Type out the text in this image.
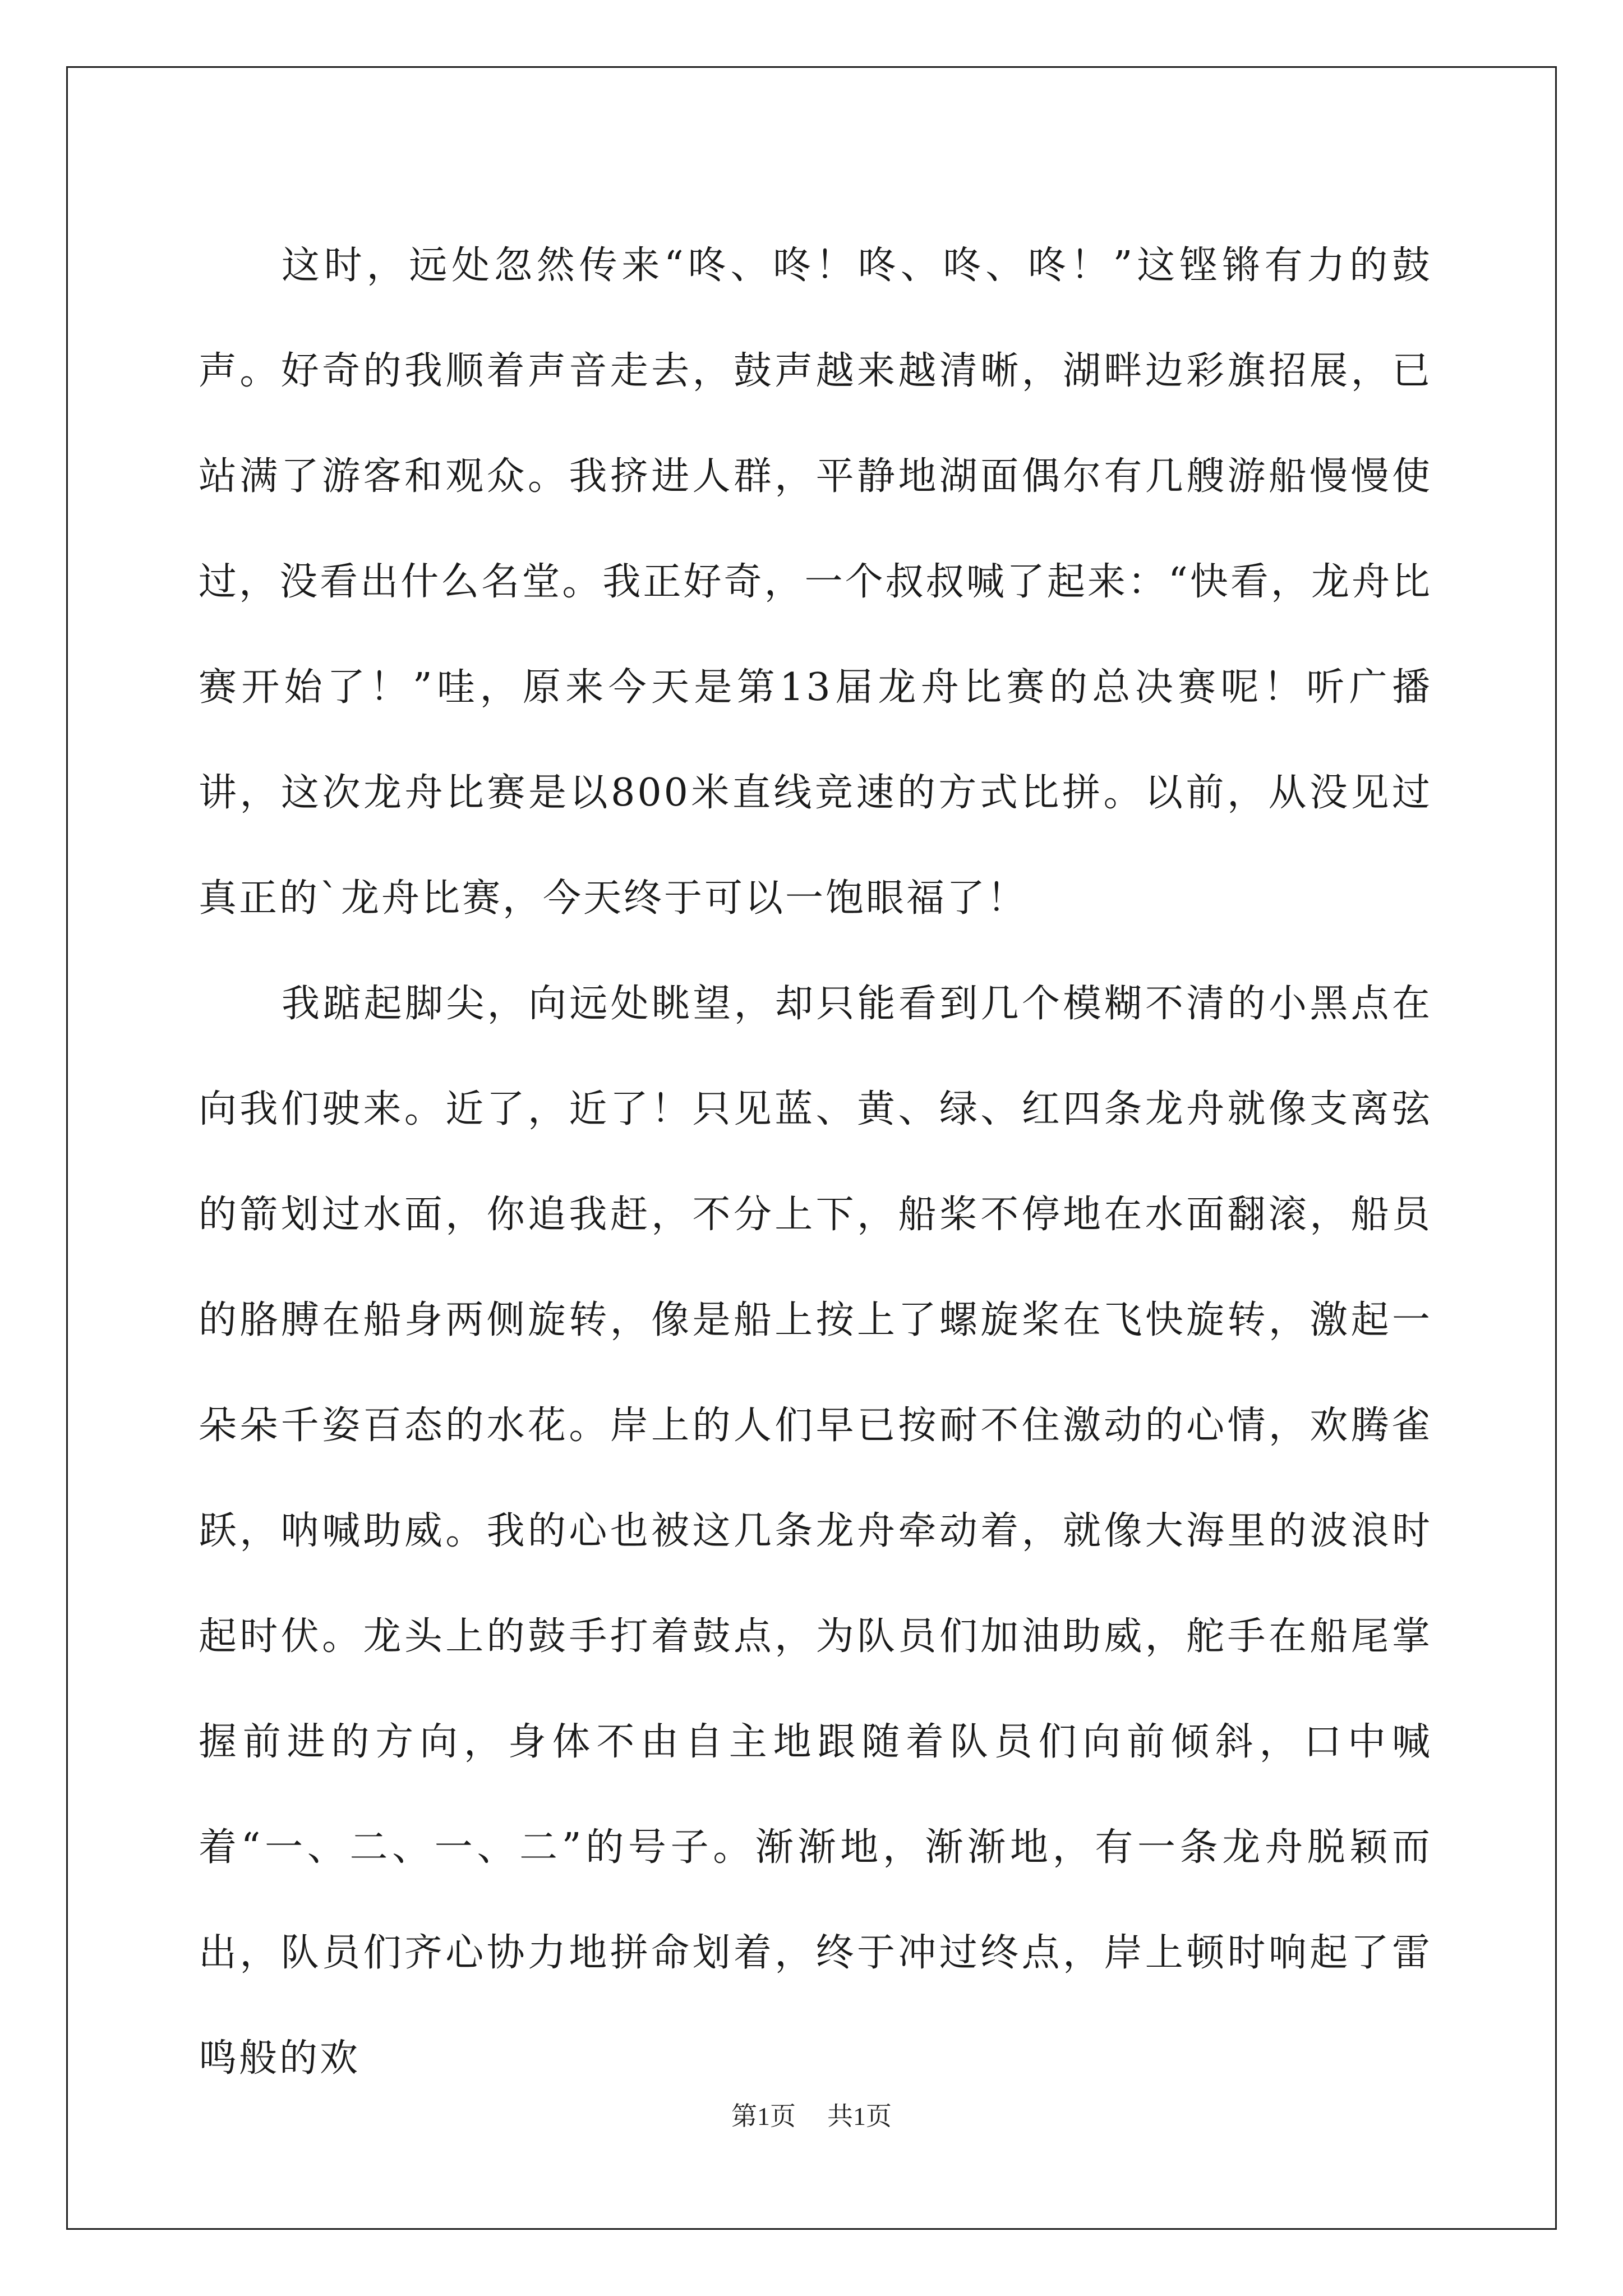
这时，远处忽然传来“咚、咚！咚、咚、咚！”这铿锵有力的鼓声。好奇的我顺着声音走去，鼓声越来越清晰，湖畔边彩旗招展，已站满了游客和观众。我挤进人群，平静地湖面偶尔有几艘游船慢慢使过，没看出什么名堂。我正好奇，一个叔叔喊了起来：“快看，龙舟比赛开始了！”哇，原来今天是第13届龙舟比赛的总决赛呢！听广播讲，这次龙舟比赛是以800米直线竞速的方式比拼。以前，从没见过真正的`龙舟比赛，今天终于可以一饱眼福了！

我踮起脚尖，向远处眺望，却只能看到几个模糊不清的小黑点在向我们驶来。近了，近了！只见蓝、黄、绿、红四条龙舟就像支离弦的箭划过水面，你追我赶，不分上下，船桨不停地在水面翻滚，船员的胳膊在船身两侧旋转，像是船上按上了螺旋桨在飞快旋转，激起一朵朵千姿百态的水花。岸上的人们早已按耐不住激动的心情，欢腾雀跃，呐喊助威。我的心也被这几条龙舟牵动着，就像大海里的波浪时起时伏。龙头上的鼓手打着鼓点，为队员们加油助威，舵手在船尾掌握前进的方向，身体不由自主地跟随着队员们向前倾斜，口中喊着“一、二、一、二”的号子。渐渐地，渐渐地，有一条龙舟脱颖而出，队员们齐心协力地拼命划着，终于冲过终点，岸上顿时响起了雷鸣般的欢

第1页 共1页
